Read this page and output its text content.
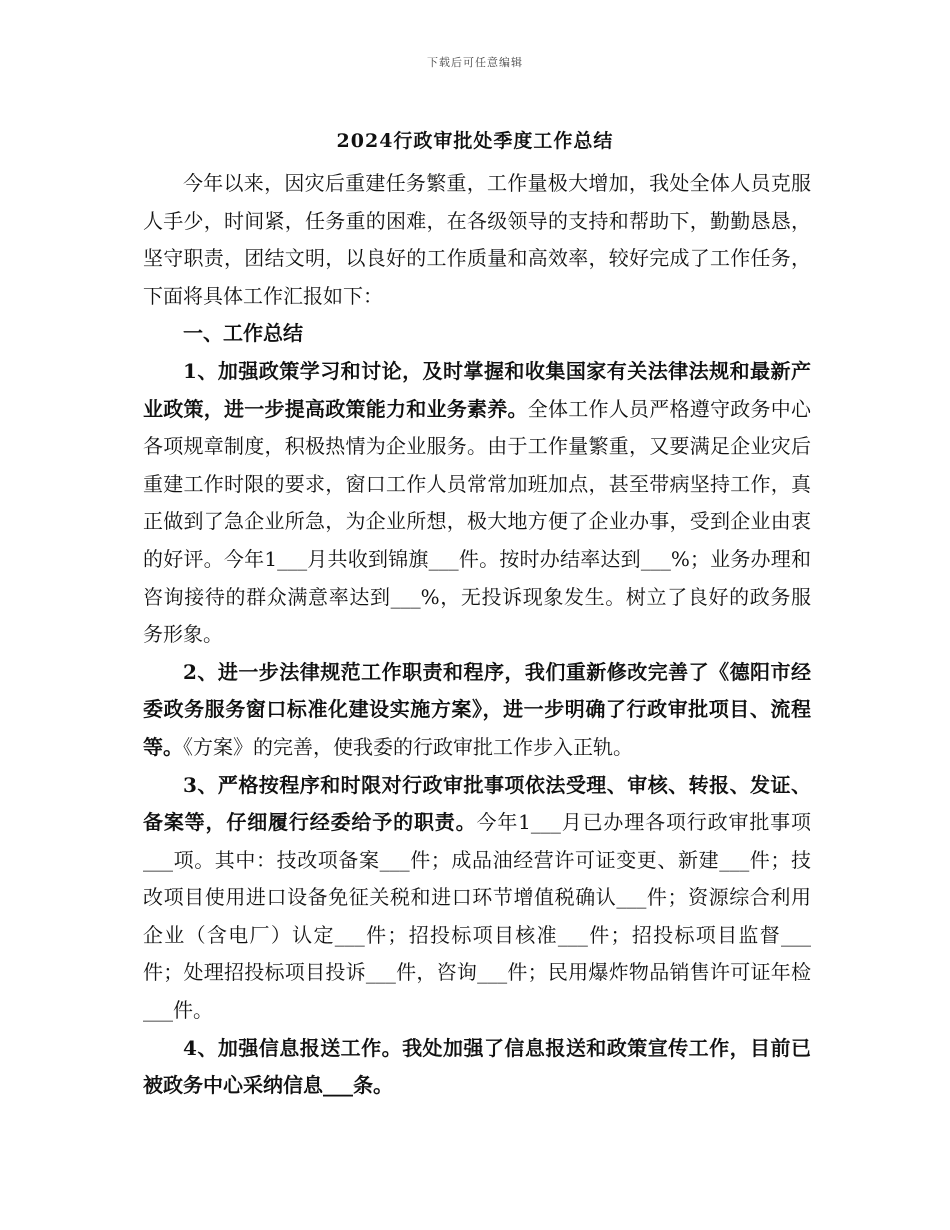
下载后可任意编辑
2024行政审批处季度工作总结

今年以来，因灾后重建任务繁重，工作量极大增加，我处全体人员克服人手少，时间紧，任务重的困难，在各级领导的支持和帮助下，勤勤恳恳，坚守职责，团结文明，以良好的工作质量和高效率，较好完成了工作任务，下面将具体工作汇报如下：

一、工作总结

1、加强政策学习和讨论，及时掌握和收集国家有关法律法规和最新产业政策，进一步提高政策能力和业务素养。全体工作人员严格遵守政务中心各项规章制度，积极热情为企业服务。由于工作量繁重，又要满足企业灾后重建工作时限的要求，窗口工作人员常常加班加点，甚至带病坚持工作，真正做到了急企业所急，为企业所想，极大地方便了企业办事，受到企业由衷的好评。今年1___月共收到锦旗___件。按时办结率达到___%；业务办理和咨询接待的群众满意率达到___%，无投诉现象发生。树立了良好的政务服务形象。

2、进一步法律规范工作职责和程序，我们重新修改完善了《德阳市经委政务服务窗口标准化建设实施方案》，进一步明确了行政审批项目、流程等。《方案》的完善，使我委的行政审批工作步入正轨。

3、严格按程序和时限对行政审批事项依法受理、审核、转报、发证、备案等，仔细履行经委给予的职责。今年1___月已办理各项行政审批事项___项。其中：技改项备案___件；成品油经营许可证变更、新建___件；技改项目使用进口设备免征关税和进口环节增值税确认___件；资源综合利用企业（含电厂）认定___件；招投标项目核准___件；招投标项目监督___件；处理招投标项目投诉___件，咨询___件；民用爆炸物品销售许可证年检___件。

4、加强信息报送工作。我处加强了信息报送和政策宣传工作，目前已被政务中心采纳信息___条。
